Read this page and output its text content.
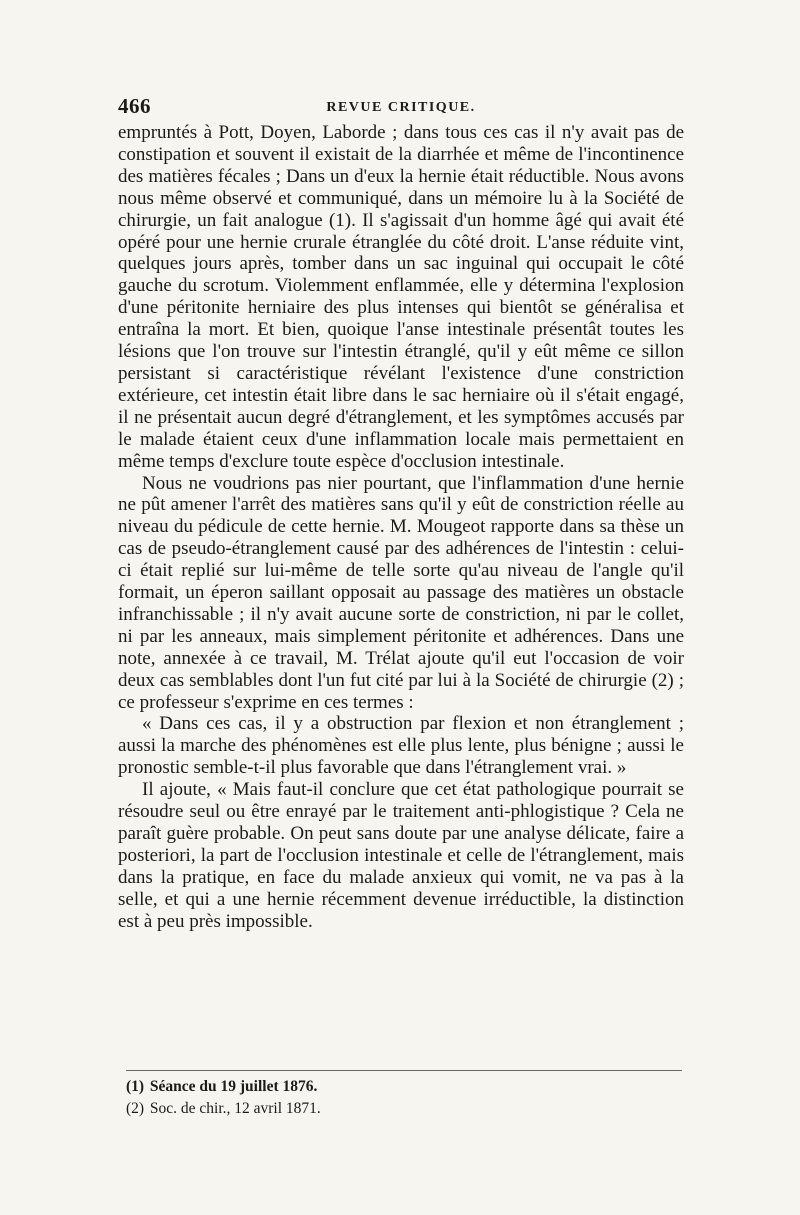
466	REVUE CRITIQUE.

empruntés à Pott, Doyen, Laborde ; dans tous ces cas il n'y avait pas de constipation et souvent il existait de la diarrhée et même de l'incontinence des matières fécales ; Dans un d'eux la hernie était réductible. Nous avons nous même observé et communiqué, dans un mémoire lu à la Société de chirurgie, un fait analogue (1). Il s'agissait d'un homme âgé qui avait été opéré pour une hernie crurale étranglée du côté droit. L'anse réduite vint, quelques jours après, tomber dans un sac inguinal qui occupait le côté gauche du scrotum. Violemment enflammée, elle y détermina l'explosion d'une péritonite herniaire des plus intenses qui bientôt se généralisa et entraîna la mort. Et bien, quoique l'anse intestinale présentât toutes les lésions que l'on trouve sur l'intestin étranglé, qu'il y eût même ce sillon persistant si caractéristique révélant l'existence d'une constriction extérieure, cet intestin était libre dans le sac herniaire où il s'était engagé, il ne présentait aucun degré d'étranglement, et les symptômes accusés par le malade étaient ceux d'une inflammation locale mais permettaient en même temps d'exclure toute espèce d'occlusion intestinale.

Nous ne voudrions pas nier pourtant, que l'inflammation d'une hernie ne pût amener l'arrêt des matières sans qu'il y eût de constriction réelle au niveau du pédicule de cette hernie. M. Mougeot rapporte dans sa thèse un cas de pseudo-étranglement causé par des adhérences de l'intestin : celui-ci était replié sur lui-même de telle sorte qu'au niveau de l'angle qu'il formait, un éperon saillant opposait au passage des matières un obstacle infranchissable ; il n'y avait aucune sorte de constriction, ni par le collet, ni par les anneaux, mais simplement péritonite et adhérences. Dans une note, annexée à ce travail, M. Trélat ajoute qu'il eut l'occasion de voir deux cas semblables dont l'un fut cité par lui à la Société de chirurgie (2) ; ce professeur s'exprime en ces termes :

« Dans ces cas, il y a obstruction par flexion et non étranglement ; aussi la marche des phénomènes est elle plus lente, plus bénigne ; aussi le pronostic semble-t-il plus favorable que dans l'étranglement vrai. »

Il ajoute, « Mais faut-il conclure que cet état pathologique pourrait se résoudre seul ou être enrayé par le traitement anti-phlogistique ? Cela ne paraît guère probable. On peut sans doute par une analyse délicate, faire a posteriori, la part de l'occlusion intestinale et celle de l'étranglement, mais dans la pratique, en face du malade anxieux qui vomit, ne va pas à la selle, et qui a une hernie récemment devenue irréductible, la distinction est à peu près impossible.

(1) Séance du 19 juillet 1876.
(2) Soc. de chir., 12 avril 1871.
